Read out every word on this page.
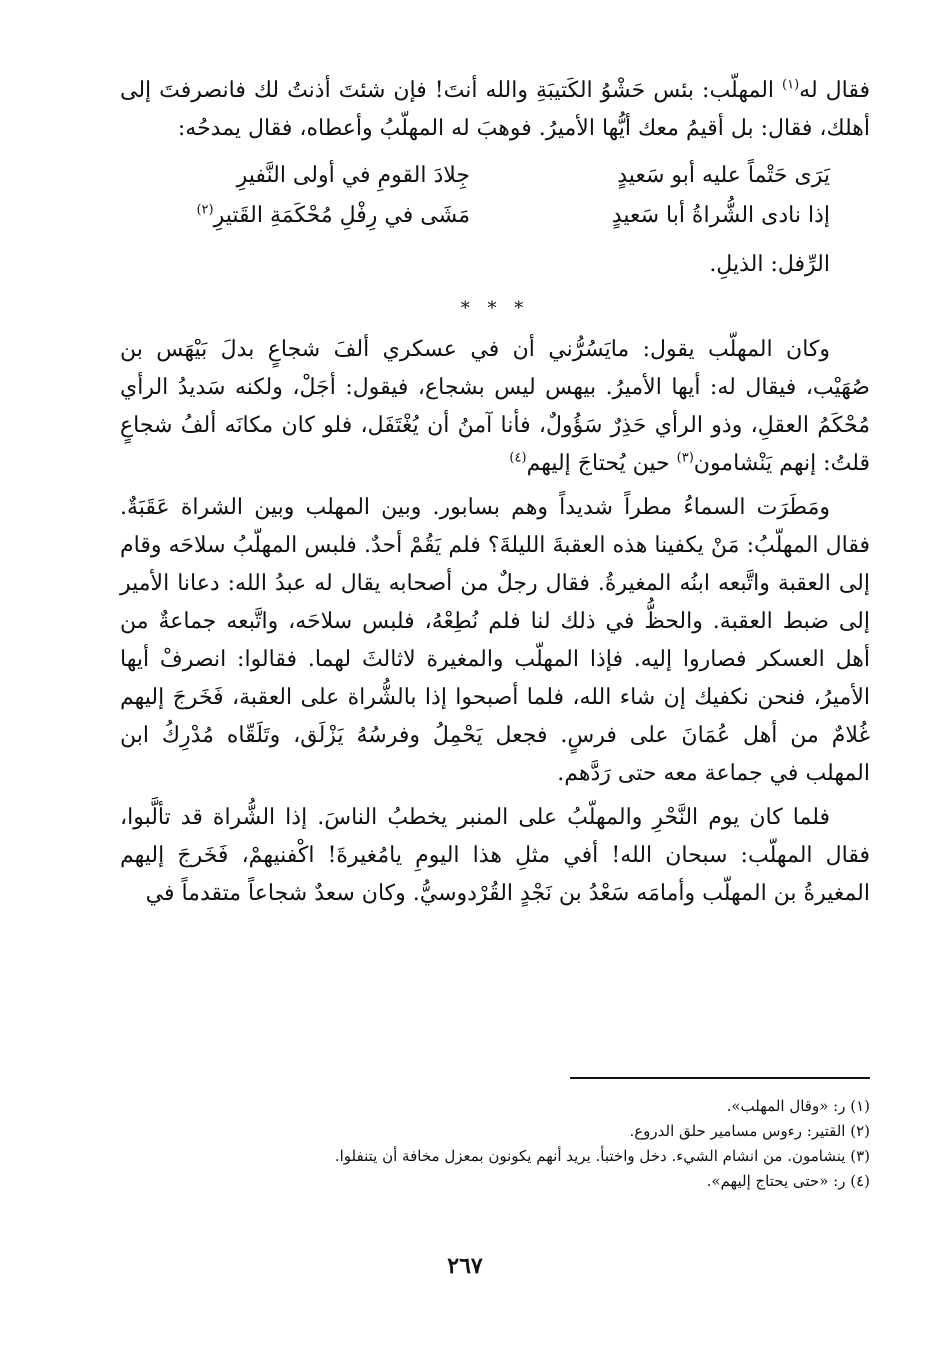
فقال له$^{(١)}$ المهلّب: بئس حَشْوُ الكَتيبَةِ والله أنتَ! فإن شئتَ أذنتُ لك فانصرفتَ إلى أهلك، فقال: بل أقيمُ معك أيُّها الأميرُ. فوهبَ له المهلّبُ وأعطاه، فقال يمدحُه:

يَرَى حَتْماً عليه أبو سَعيدٍ
جِلادَ القومِ في أولى النَّفيرِ
إذا نادى الشُّراةُ أبا سَعيدٍ
مَشَى في رِفْلِ مُحْكَمَةِ القَتيرِ$^{(٢)}$
الرِّفل: الذيلِ.
* * *

وكان المهلّب يقول: مايَسُرُّني أن في عسكري ألفَ شجاعٍ بدلَ بَيْهَس بن صُهَيْب، فيقال له: أيها الأميرُ. بيهس ليس بشجاع، فيقول: أجَلْ، ولكنه سَديدُ الرأي مُحْكَمُ العقلِ، وذو الرأي حَذِرٌ سَؤُولٌ، فأنا آمنُ أن يُغْتَفَل، فلو كان مكانَه ألفُ شجاعٍ قلتُ: إنهم يَنْشامون$^{(٣)}$ حين يُحتاجَ إليهم$^{(٤)}$

ومَطَرَت السماءُ مطراً شديداً وهم بسابور. وبين المهلب وبين الشراة عَقَبَةٌ. فقال المهلّبُ: مَنْ يكفينا هذه العقبةَ الليلةَ؟ فلم يَقُمْ أحدٌ. فلبس المهلّبُ سلاحَه وقام إلى العقبة واتَّبعه ابنُه المغيرةُ. فقال رجلٌ من أصحابه يقال له عبدُ الله: دعانا الأمير إلى ضبط العقبة. والحظُّ في ذلك لنا فلم نُطِعْهُ، فلبس سلاحَه، واتَّبعه جماعةٌ من أهل العسكر فصاروا إليه. فإذا المهلّب والمغيرة لاثالثَ لهما. فقالوا: انصرفْ أيها الأميرُ، فنحن نكفيك إن شاء الله، فلما أصبحوا إذا بالشُّراة على العقبة، فَخَرجَ إليهم غُلامٌ من أهل عُمَانَ على فرسٍ. فجعل يَحْمِلُ وفرسُهُ يَزْلَق، وتَلَقّاه مُدْرِكُ ابن المهلب في جماعة معه حتى رَدَّهم.

فلما كان يوم النَّحْرِ والمهلّبُ على المنبر يخطبُ الناسَ. إذا الشُّراة قد تألَّبوا، فقال المهلّب: سبحان الله! أفي مثلِ هذا اليومِ يامُغيرةَ! اكْفنيهمْ، فَخَرجَ إليهم المغيرةُ بن المهلّب وأمامَه سَعْدُ بن نَجْدٍ القُرْدوسيُّ. وكان سعدٌ شجاعاً متقدماً في

(١) ر: «وقال المهلب».

(٢) القتير: رءوس مسامير حلق الدروع.

(٣) ينشامون. من انشام الشيء. دخل واختبأ. يريد أنهم يكونون بمعزل مخافة أن يتنفلوا.

(٤) ر: «حتى يحتاج إليهم».

٢٦٧
